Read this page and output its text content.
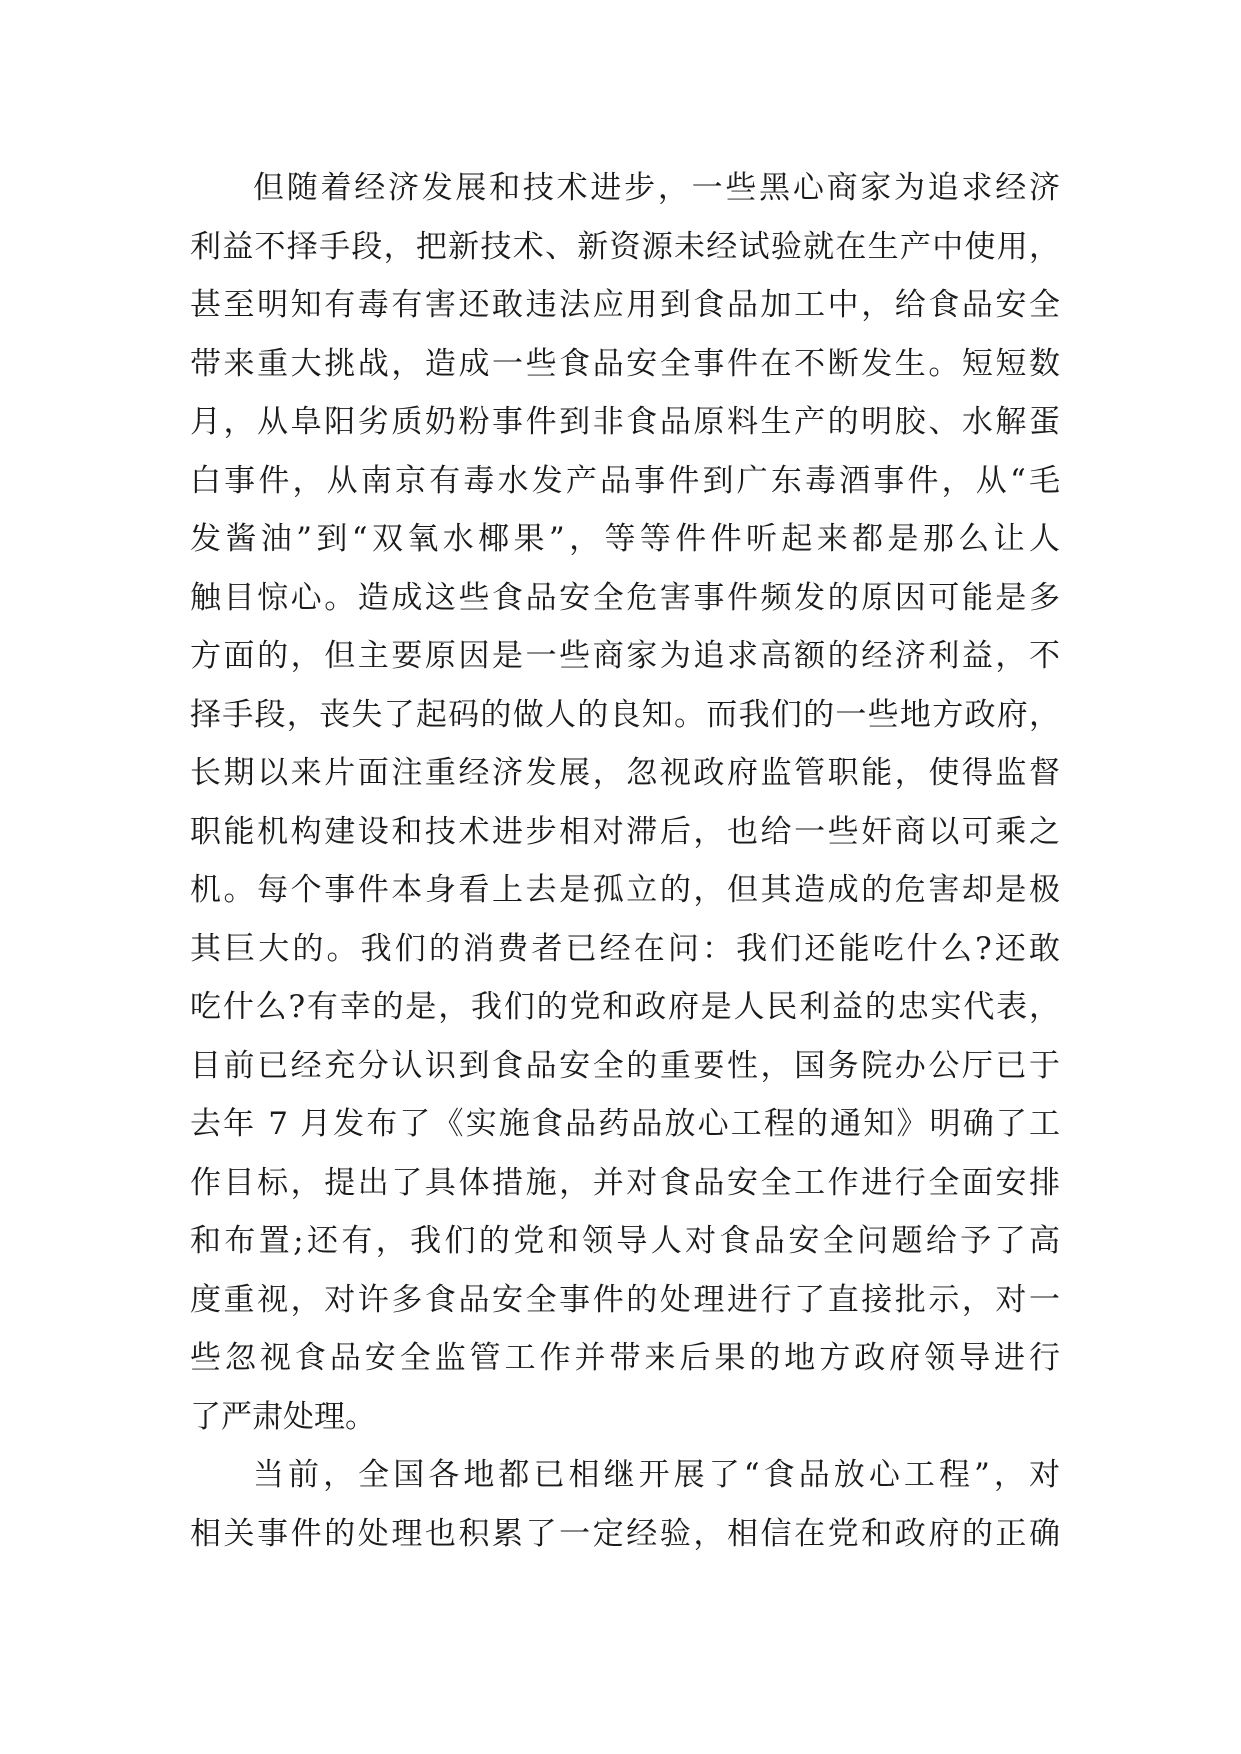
但随着经济发展和技术进步，一些黑心商家为追求经济
利益不择手段，把新技术、新资源未经试验就在生产中使用，
甚至明知有毒有害还敢违法应用到食品加工中，给食品安全
带来重大挑战，造成一些食品安全事件在不断发生。短短数
月，从阜阳劣质奶粉事件到非食品原料生产的明胶、水解蛋
白事件，从南京有毒水发产品事件到广东毒酒事件，从“毛
发酱油”到“双氧水椰果”，等等件件听起来都是那么让人
触目惊心。造成这些食品安全危害事件频发的原因可能是多
方面的，但主要原因是一些商家为追求高额的经济利益，不
择手段，丧失了起码的做人的良知。而我们的一些地方政府，
长期以来片面注重经济发展，忽视政府监管职能，使得监督
职能机构建设和技术进步相对滞后，也给一些奸商以可乘之
机。每个事件本身看上去是孤立的，但其造成的危害却是极
其巨大的。我们的消费者已经在问：我们还能吃什么?还敢
吃什么?有幸的是，我们的党和政府是人民利益的忠实代表，
目前已经充分认识到食品安全的重要性，国务院办公厅已于
去年 7 月发布了《实施食品药品放心工程的通知》明确了工
作目标，提出了具体措施，并对食品安全工作进行全面安排
和布置;还有，我们的党和领导人对食品安全问题给予了高
度重视，对许多食品安全事件的处理进行了直接批示，对一
些忽视食品安全监管工作并带来后果的地方政府领导进行
了严肃处理。
当前，全国各地都已相继开展了“食品放心工程”，对
相关事件的处理也积累了一定经验，相信在党和政府的正确
